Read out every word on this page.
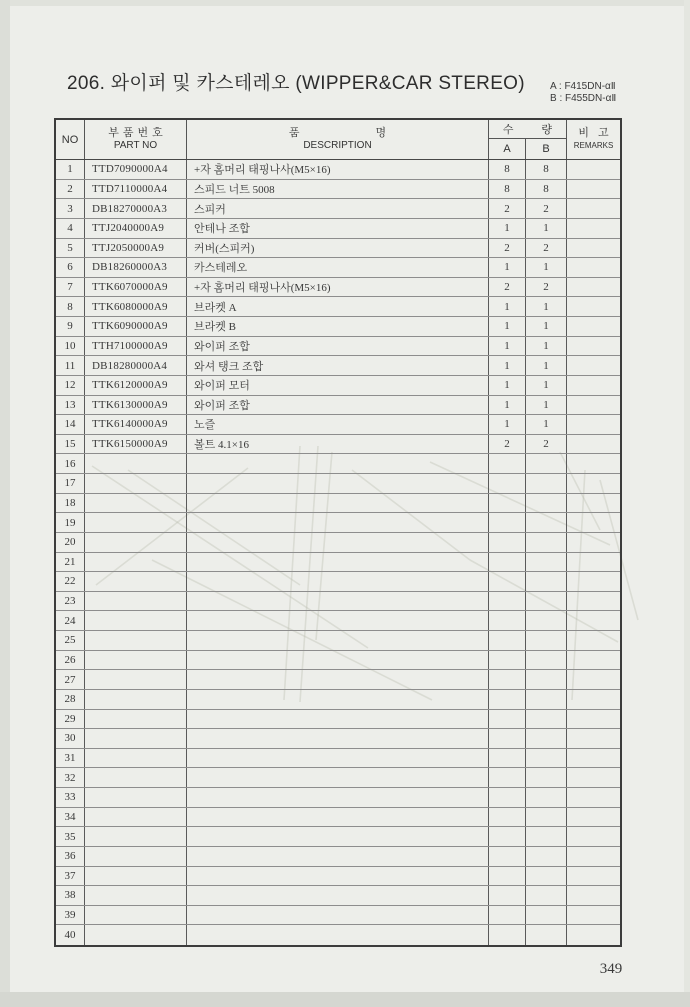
206. 와이퍼 및 카스테레오 (WIPPER&CAR STEREO)	A : F415DN-αⅡ
B : F455DN-αⅡ
NO
부품번호
PART NO
품	명
DESCRIPTION
수	량
A	B
비 고
REMARKS
1	TTD7090000A4	+자 홈머리 태핑나사(M5×16)	8	8
2	TTD7110000A4	스피드 너트 5008	8	8
3	DB18270000A3	스피커	2	2
4	TTJ2040000A9	안테나 조합	1	1
5	TTJ2050000A9	커버(스피커)	2	2
6	DB18260000A3	카스테레오	1	1
7	TTK6070000A9	+자 홈머리 태핑나사(M5×16)	2	2
8	TTK6080000A9	브라켓 A	1	1
9	TTK6090000A9	브라켓 B	1	1
10	TTH7100000A9	와이퍼 조합	1	1
11	DB18280000A4	와셔 탱크 조합	1	1
12	TTK6120000A9	와이퍼 모터	1	1
13	TTK6130000A9	와이퍼 조합	1	1
14	TTK6140000A9	노즐	1	1
15	TTK6150000A9	볼트 4.1×16	2	2
16
17
18
19
20
21
22
23
24
25
26
27
28
29
30
31
32
33
34
35
36
37
38
39
40
349
